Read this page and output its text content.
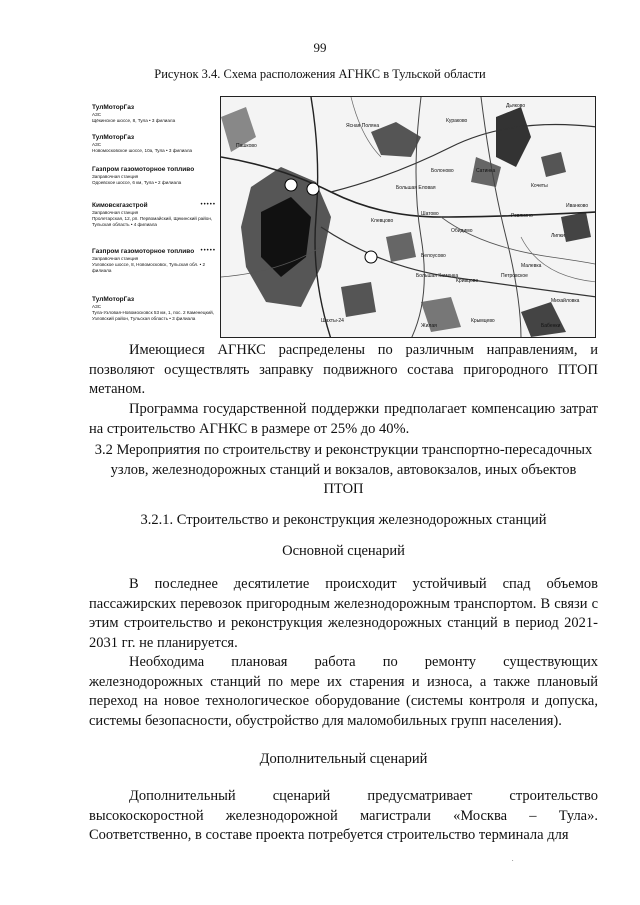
99
Рисунок 3.4. Схема расположения АГНКС в Тульской области
ТулМоторГаз
АЗС
Щёкинское шоссе, 8, Тула • 3 филиала
ТулМоторГаз
АЗС
Новомосковское шоссе, 10а, Тула • 3 филиала
Газпром газомоторное топливо
Заправочная станция
Одоевское шоссе, 6 км, Тула • 2 филиала
Кимовскгазстрой	•••••
Заправочная станция
Пролетарская, 12, рп. Первомайский, Щекинский район, Тульская область • 4 филиала
Газпром газомоторное топливо	•••••
Заправочная станция
Узловское шоссе, 8, Новомосковск, Тульская обл. • 2 филиала
ТулМоторГаз
АЗС
Тула-Узловая-Новомосковск 53 км, 1, пос. 2 Каменецкий, Узловский район, Тульская область • 3 филиала
Дьяково
Пашково
Ясная Поляна
Кураково
Большая Еловая
Сатинка
Шатово
Обидимо
Болоново
Белоусово
Большая Каменка
Клевцово
Шахты-24
Жилая
Кочеты
Липки
Ревякино
Иванково
Кривцово
Петровское
Крымцево
Малевка
Михайловка
Бабенки

Имеющиеся АГНКС распределены по различным направлениям, и позволяют осуществлять заправку подвижного состава пригородного ПТОП метаном.

Программа государственной поддержки предполагает компенсацию затрат на строительство АГНКС в размере от 25% до 40%.

3.2 Мероприятия по строительству и реконструкции транспортно-пересадочных узлов, железнодорожных станций и вокзалов, автовокзалов, иных объектов ПТОП
3.2.1. Строительство и реконструкция железнодорожных станций
Основной сценарий

В последнее десятилетие происходит устойчивый спад объемов пассажирских перевозок пригородным железнодорожным транспортом. В связи с этим строительство и реконструкция железнодорожных станций в период 2021-2031 гг. не планируется.

Необходима плановая работа по ремонту существующих железнодорожных станций по мере их старения и износа, а также плановый переход на новое технологическое оборудование (системы контроля и допуска, системы безопасности, обустройство для маломобильных групп населения).

Дополнительный сценарий

Дополнительный сценарий предусматривает строительство высокоскоростной железнодорожной магистрали «Москва – Тула». Соответственно, в составе проекта потребуется строительство терминала для

.
